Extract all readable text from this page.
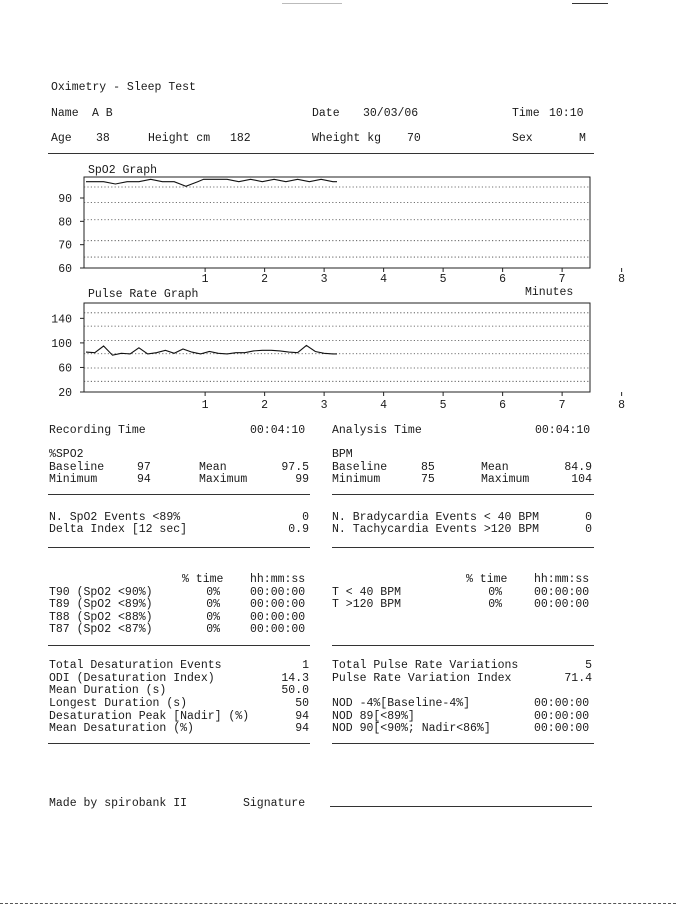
Oximetry - Sleep Test
Name A B	Date 30/03/06	Time 10:10
Age 38	Height cm 182	Wheight kg 70	Sex	M
SpO2 Graph
Pulse Rate Graph	Minutes
60
70
80
90
1	2	3	4	5	6	7	8
20
60
100
140
1	2	3	4	5	6	7	8
Recording Time	00:04:10 Analysis Time	00:04:10
%SPO2
Baseline	97	Mean	97.5
Minimum	94	Maximum	99
BPM
Baseline	85	Mean	84.9
Minimum	75	Maximum	104
N. SpO2 Events <89%	0
Delta Index [12 sec]	0.9
N. Bradycardia Events < 40 BPM	0
N. Tachycardia Events >120 BPM	0
% time hh:mm:ss
T90 (SpO2 <90%)	0%	00:00:00
T89 (SpO2 <89%)	0%	00:00:00
T88 (SpO2 <88%)	0%	00:00:00
T87 (SpO2 <87%)	0%	00:00:00
% time hh:mm:ss
T < 40 BPM	0%	00:00:00
T >120 BPM	0%	00:00:00
Total Desaturation Events	1
ODI (Desaturation Index)	14.3
Mean Duration (s)	50.0
Longest Duration (s)	50
Desaturation Peak [Nadir] (%)	94
Mean Desaturation (%)	94
Total Pulse Rate Variations	5
Pulse Rate Variation Index	71.4
NOD -4%[Baseline-4%]	00:00:00
NOD 89[<89%]	00:00:00
NOD 90[<90%; Nadir<86%]	00:00:00
Made by spirobank II	Signature
